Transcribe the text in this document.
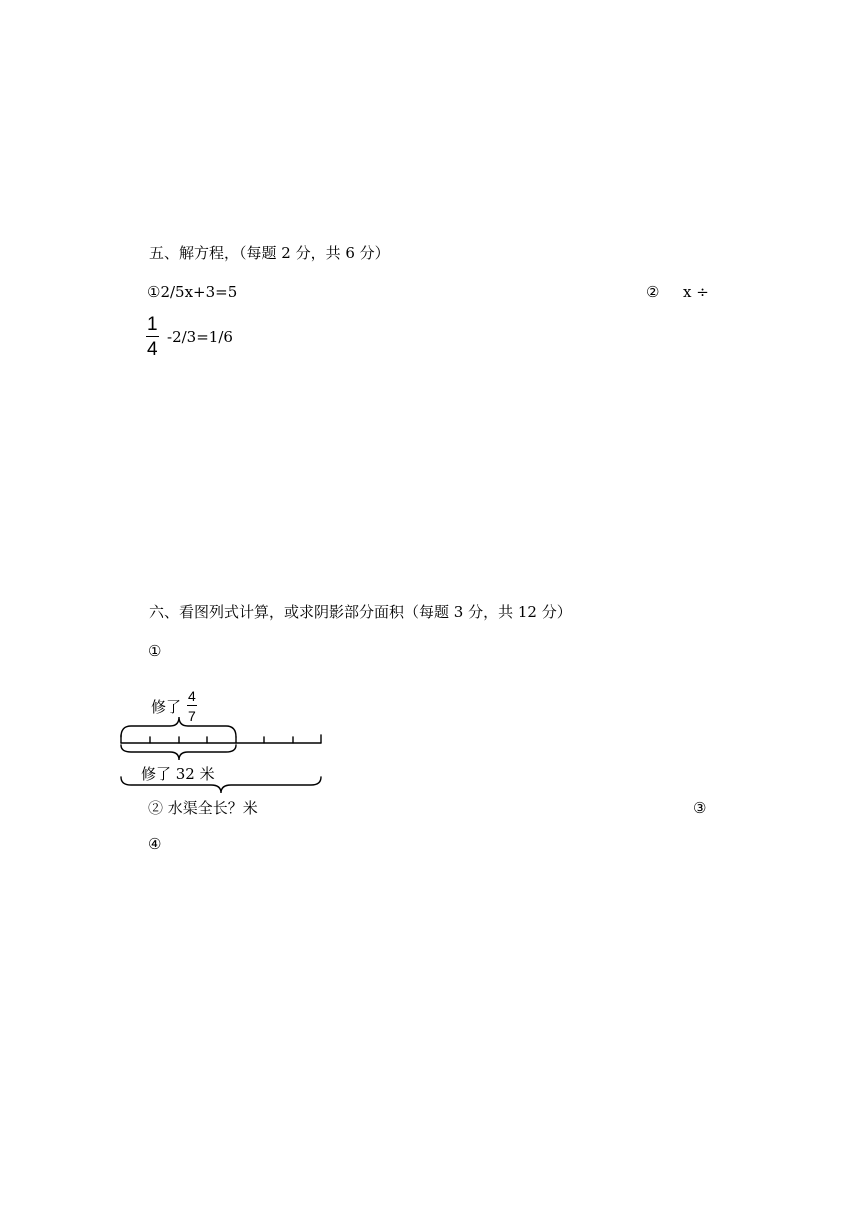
五、解方程，（每题 2 分，共 6 分）
①2/5x+3=5	② x ÷
1
4
-2/3=1/6
六、看图列式计算，或求阴影部分面积（每题 3 分，共 12 分）
①
修了
4
7
修了 32 米
② 水渠全长？米	③
④
